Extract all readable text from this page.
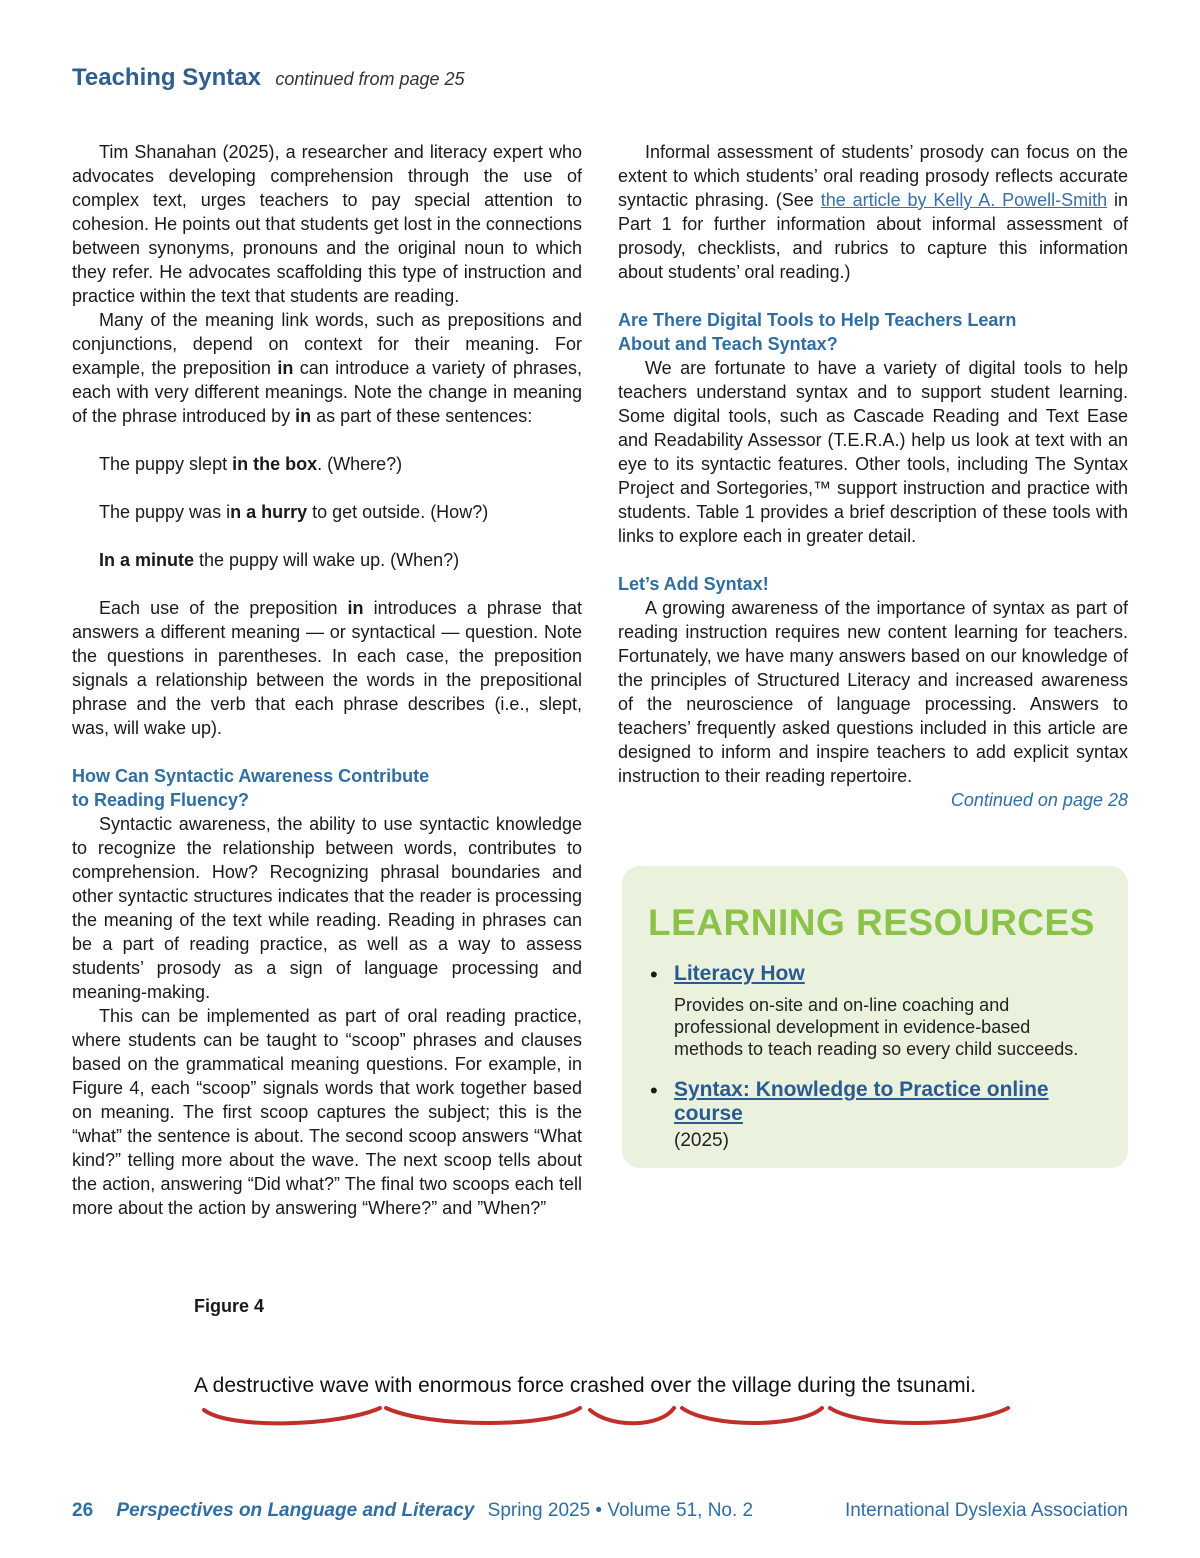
Teaching Syntax continued from page 25

Tim Shanahan (2025), a researcher and literacy expert who advocates developing comprehension through the use of complex text, urges teachers to pay special attention to cohesion. He points out that students get lost in the connections between synonyms, pronouns and the original noun to which they refer. He advocates scaffolding this type of instruction and practice within the text that students are reading.

Many of the meaning link words, such as prepositions and conjunctions, depend on context for their meaning. For example, the preposition in can introduce a variety of phrases, each with very different meanings. Note the change in meaning of the phrase introduced by in as part of these sentences:

The puppy slept in the box. (Where?)

The puppy was in a hurry to get outside. (How?)

In a minute the puppy will wake up. (When?)

Each use of the preposition in introduces a phrase that answers a different meaning — or syntactical — question. Note the questions in parentheses. In each case, the preposition signals a relationship between the words in the prepositional phrase and the verb that each phrase describes (i.e., slept, was, will wake up).

How Can Syntactic Awareness Contribute
to Reading Fluency?

Syntactic awareness, the ability to use syntactic knowledge to recognize the relationship between words, contributes to comprehension. How? Recognizing phrasal boundaries and other syntactic structures indicates that the reader is processing the meaning of the text while reading. Reading in phrases can be a part of reading practice, as well as a way to assess students’ prosody as a sign of language processing and meaning-making.

This can be implemented as part of oral reading practice, where students can be taught to “scoop” phrases and clauses based on the grammatical meaning questions. For example, in Figure 4, each “scoop” signals words that work together based on meaning. The first scoop captures the subject; this is the “what” the sentence is about. The second scoop answers “What kind?” telling more about the wave. The next scoop tells about the action, answering “Did what?” The final two scoops each tell more about the action by answering “Where?” and ”When?”

Informal assessment of students’ prosody can focus on the extent to which students’ oral reading prosody reflects accurate syntactic phrasing. (See the article by Kelly A. Powell-Smith in Part 1 for further information about informal assessment of prosody, checklists, and rubrics to capture this information about students’ oral reading.)

Are There Digital Tools to Help Teachers Learn
About and Teach Syntax?

We are fortunate to have a variety of digital tools to help teachers understand syntax and to support student learning. Some digital tools, such as Cascade Reading and Text Ease and Readability Assessor (T.E.R.A.) help us look at text with an eye to its syntactic features. Other tools, including The Syntax Project and Sortegories,™ support instruction and practice with students. Table 1 provides a brief description of these tools with links to explore each in greater detail.

Let’s Add Syntax!

A growing awareness of the importance of syntax as part of reading instruction requires new content learning for teachers. Fortunately, we have many answers based on our knowledge of the principles of Structured Literacy and increased awareness of the neuroscience of language processing. Answers to teachers’ frequently asked questions included in this article are designed to inform and inspire teachers to add explicit syntax instruction to their reading repertoire.

Continued on page 28
LEARNING RESOURCES
• Literacy How
Provides on-site and on-line coaching and professional development in evidence-based methods to teach reading so every child succeeds.
• Syntax: Knowledge to Practice online course
(2025)
Figure 4
A destructive wave with enormous force crashed over the village during the tsunami.
26 Perspectives on Language and Literacy Spring 2025 • Volume 51, No. 2	International Dyslexia Association
